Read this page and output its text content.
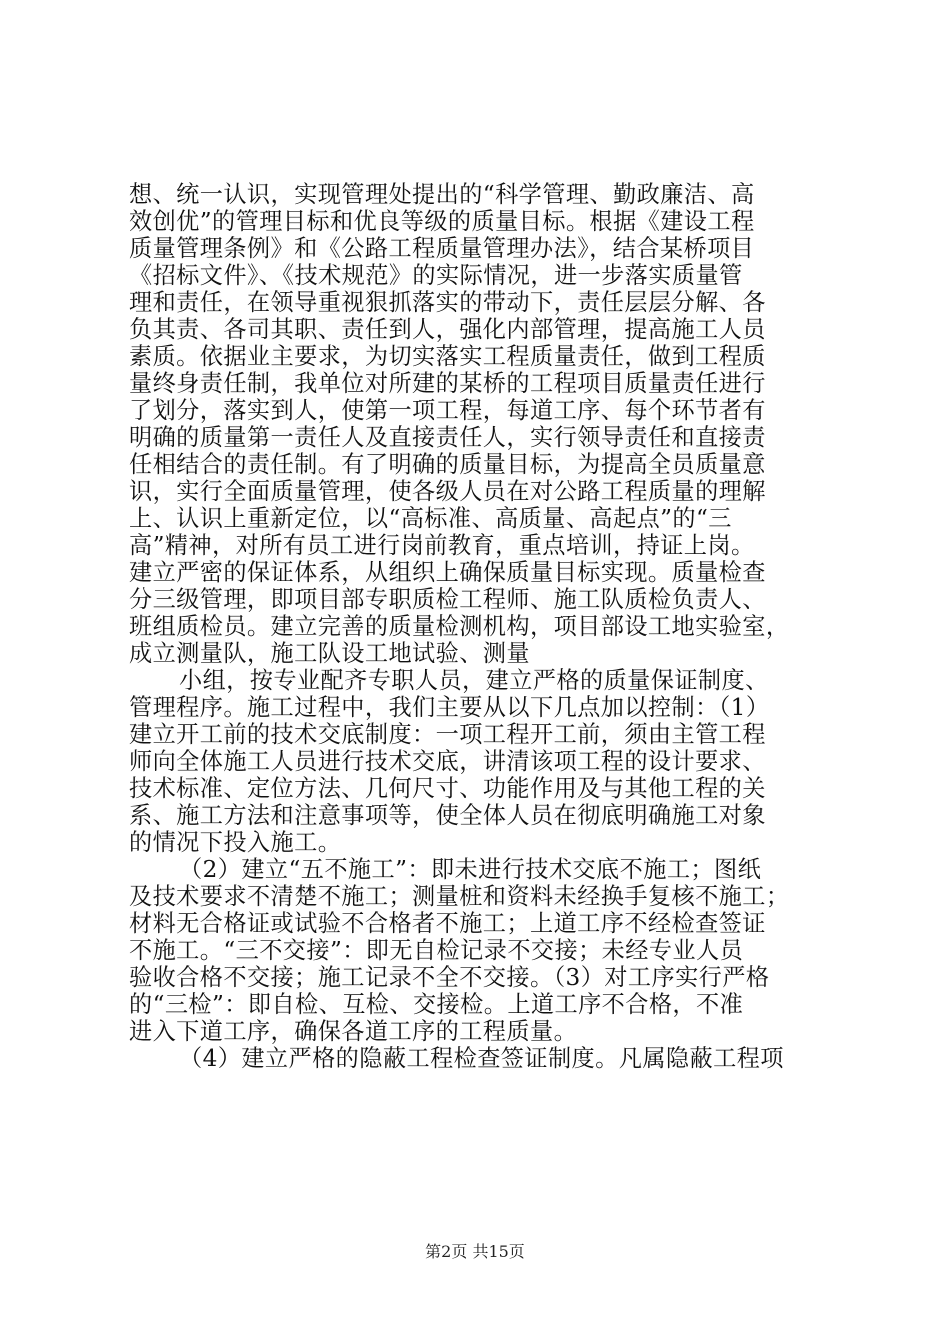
想、统一认识，实现管理处提出的“科学管理、勤政廉洁、高
效创优”的管理目标和优良等级的质量目标。根据《建设工程
质量管理条例》和《公路工程质量管理办法》，结合某桥项目
《招标文件》、《技术规范》的实际情况，进一步落实质量管
理和责任，在领导重视狠抓落实的带动下，责任层层分解、各
负其责、各司其职、责任到人，强化内部管理，提高施工人员
素质。依据业主要求，为切实落实工程质量责任，做到工程质
量终身责任制，我单位对所建的某桥的工程项目质量责任进行
了划分，落实到人，使第一项工程，每道工序、每个环节者有
明确的质量第一责任人及直接责任人，实行领导责任和直接责
任相结合的责任制。有了明确的质量目标，为提高全员质量意
识，实行全面质量管理，使各级人员在对公路工程质量的理解
上、认识上重新定位，以“高标准、高质量、高起点”的“三
高”精神，对所有员工进行岗前教育，重点培训，持证上岗。
建立严密的保证体系，从组织上确保质量目标实现。质量检查
分三级管理，即项目部专职质检工程师、施工队质检负责人、
班组质检员。建立完善的质量检测机构，项目部设工地实验室，
成立测量队，施工队设工地试验、测量
小组，按专业配齐专职人员，建立严格的质量保证制度、
管理程序。施工过程中，我们主要从以下几点加以控制：（1）
建立开工前的技术交底制度：一项工程开工前，须由主管工程
师向全体施工人员进行技术交底，讲清该项工程的设计要求、
技术标准、定位方法、几何尺寸、功能作用及与其他工程的关
系、施工方法和注意事项等，使全体人员在彻底明确施工对象
的情况下投入施工。
（2）建立“五不施工”：即未进行技术交底不施工；图纸
及技术要求不清楚不施工；测量桩和资料未经换手复核不施工；
材料无合格证或试验不合格者不施工；上道工序不经检查签证
不施工。“三不交接”：即无自检记录不交接；未经专业人员
验收合格不交接；施工记录不全不交接。（3）对工序实行严格
的“三检”：即自检、互检、交接检。上道工序不合格，不准
进入下道工序，确保各道工序的工程质量。
（4）建立严格的隐蔽工程检查签证制度。凡属隐蔽工程项
第2页 共15页
